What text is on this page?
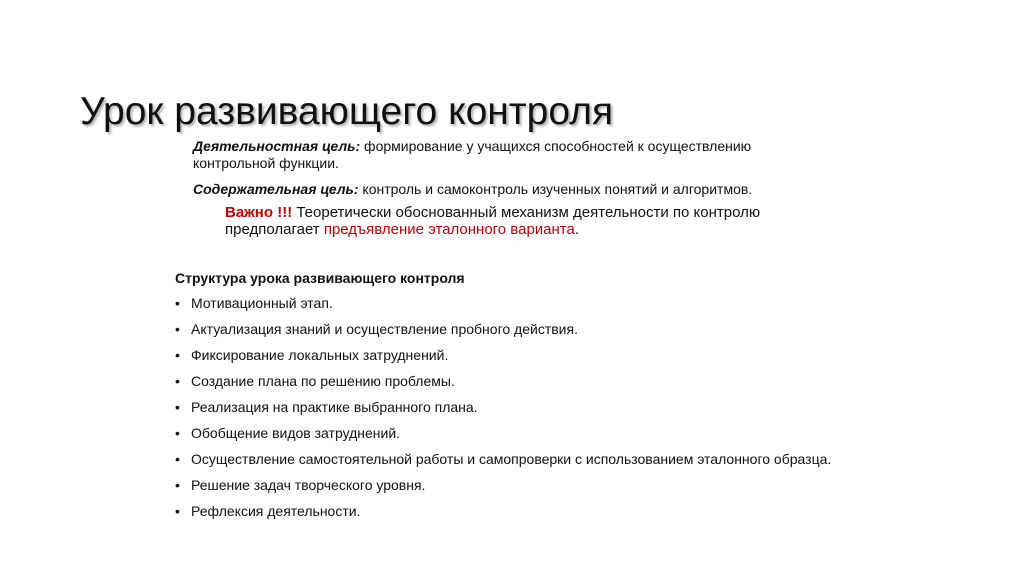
Урок развивающего контроля

Деятельностная цель: формирование у учащихся способностей к осуществлению контрольной функции.

Содержательная цель: контроль и самоконтроль изученных понятий и алгоритмов.

Важно !!! Теоретически обоснованный механизм деятельности по контролю предполагает предъявление эталонного варианта.

Структура урока развивающего контроля
• Мотивационный этап.
• Актуализация знаний и осуществление пробного действия.
• Фиксирование локальных затруднений.
• Создание плана по решению проблемы.
• Реализация на практике выбранного плана.
• Обобщение видов затруднений.
• Осуществление самостоятельной работы и самопроверки с использованием эталонного образца.
• Решение задач творческого уровня.
• Рефлексия деятельности.
